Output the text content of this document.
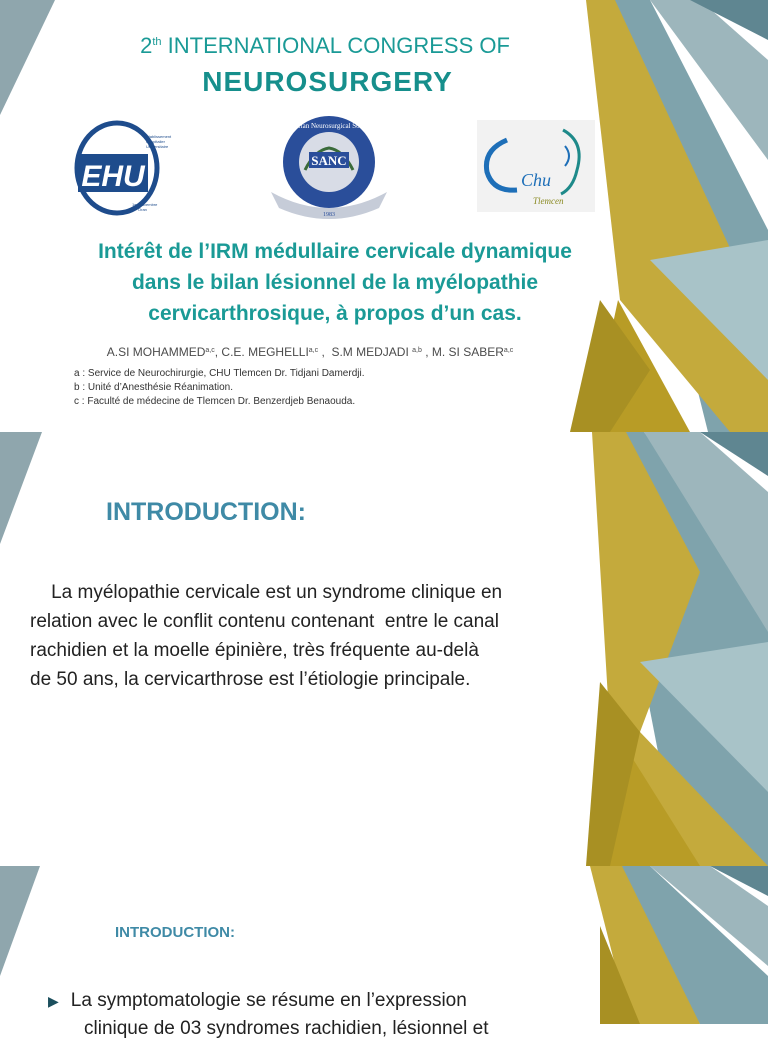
2th INTERNATIONAL CONGRESS OF
NEUROSURGERY
EHU
Etablissement
Hospitalier
Universitaire
1er Novembre
Oran
SANC
Algerian Neurosurgical Society
1983
Chu
Tlemcen
Intérêt de l’IRM médullaire cervicale dynamique
dans le bilan lésionnel de la myélopathie
cervicarthrosique, à propos d’un cas.
A.SI MOHAMMED$^{a,c}$, C.E. MEGHELLI$^{a,c}$ ,  S.M MEDJADI $^{a,b}$ , M. SI SABER$^{a,c}$
a : Service de Neurochirurgie, CHU Tlemcen Dr. Tidjani Damerdji.
b : Unité d’Anesthésie Réanimation.
c : Faculté de médecine de Tlemcen Dr. Benzerdjeb Benaouda.
INTRODUCTION:
La myélopathie cervicale est un syndrome clinique en
relation avec le conflit contenu contenant  entre le canal
rachidien et la moelle épinière, très fréquente au-delà
de 50 ans, la cervicarthrose est l’étiologie principale.
INTRODUCTION:
▶ La symptomatologie se résume en l’expression
clinique de 03 syndromes rachidien, lésionnel et
